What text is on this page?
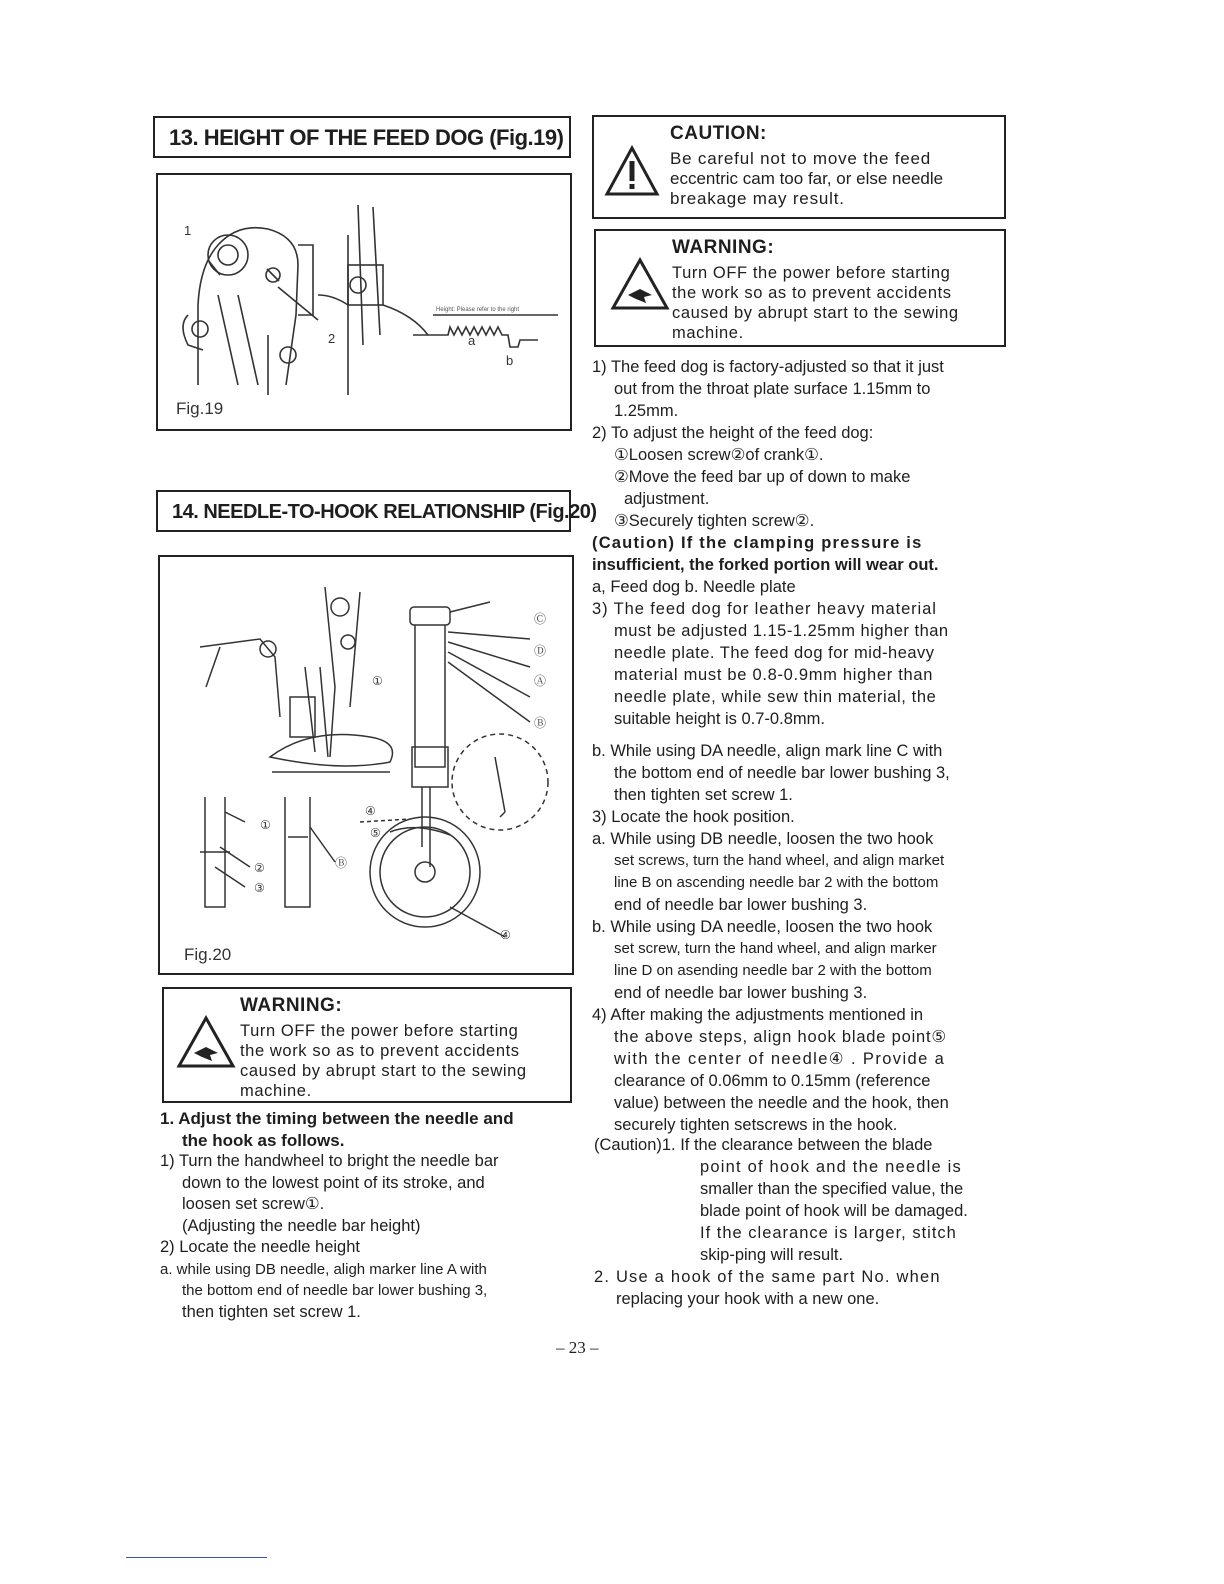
13. HEIGHT OF THE FEED DOG (Fig.19)
Height: Please refer to the right
1
2	a
b
Fig.19
14. NEEDLE-TO-HOOK RELATIONSHIP (Fig.20)
Ⓒ
Ⓓ
Ⓐ
Ⓑ
①
①
②
③
Ⓑ
④
⑤
④
Fig.20
WARNING:
Turn OFF the power before starting
the work so as to prevent accidents
caused by abrupt start to the sewing
machine.

1. Adjust the timing between the needle and

the hook as follows.

1) Turn the handwheel to bright the needle bar

down to the lowest point of its stroke, and

loosen set screw①.

(Adjusting the needle bar height)

2) Locate the needle height

a. while using DB needle, aligh marker line A with

the bottom end of needle bar lower bushing 3,

then tighten set screw 1.

CAUTION:
Be careful not to move the feed
eccentric cam too far, or else needle
breakage may result.
WARNING:
Turn OFF the power before starting
the work so as to prevent accidents
caused by abrupt start to the sewing
machine.

1) The feed dog is factory-adjusted so that it just

out from the throat plate surface 1.15mm to

1.25mm.

2) To adjust the height of the feed dog:

①Loosen screw②of crank①.

②Move the feed bar up of down to make

adjustment.

③Securely tighten screw②.

(Caution) If the clamping pressure is

insufficient, the forked portion will wear out.

a, Feed dog b. Needle plate

3) The feed dog for leather heavy material

must be adjusted 1.15-1.25mm higher than

needle plate. The feed dog for mid-heavy

material must be 0.8-0.9mm higher than

needle plate, while sew thin material, the

suitable height is 0.7-0.8mm.

b. While using DA needle, align mark line C with

the bottom end of needle bar lower bushing 3,

then tighten set screw 1.

3) Locate the hook position.

a. While using DB needle, loosen the two hook

set screws, turn the hand wheel, and align market

line B on ascending needle bar 2 with the bottom

end of needle bar lower bushing 3.

b. While using DA needle, loosen the two hook

set screw, turn the hand wheel, and align marker

line D on asending needle bar 2 with the bottom

end of needle bar lower bushing 3.

4) After making the adjustments mentioned in

the above steps, align hook blade point⑤

with the center of needle④ . Provide a

clearance of 0.06mm to 0.15mm (reference

value) between the needle and the hook, then

securely tighten setscrews in the hook.

(Caution)1. If the clearance between the blade

point of hook and the needle is

smaller than the specified value, the

blade point of hook will be damaged.

If the clearance is larger, stitch

skip-ping will result.

2. Use a hook of the same part No. when

replacing your hook with a new one.

– 23 –
